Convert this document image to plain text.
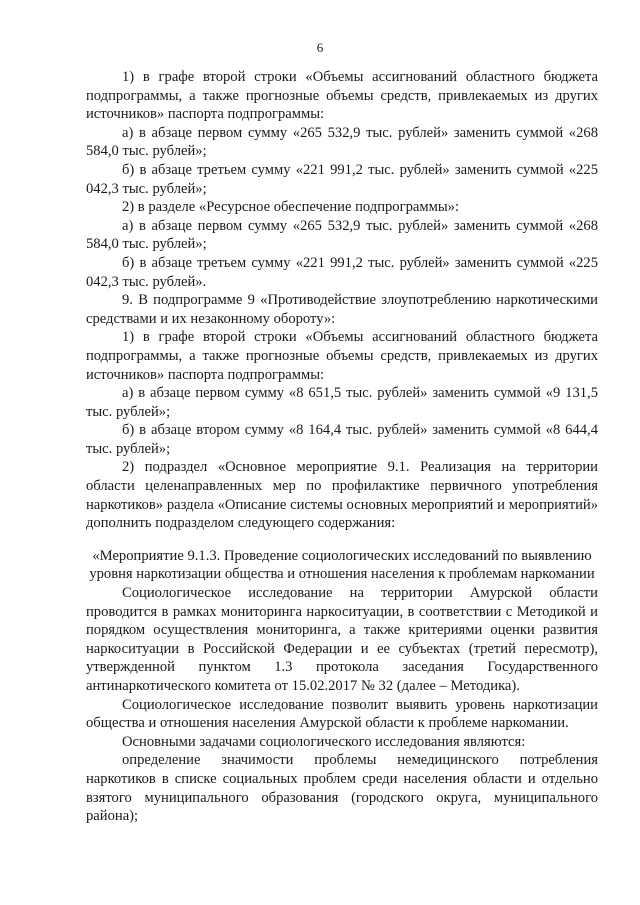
6

1) в графе второй строки «Объемы ассигнований областного бюджета подпрограммы, а также прогнозные объемы средств, привлекаемых из других источников» паспорта подпрограммы:

а) в абзаце первом сумму «265 532,9 тыс. рублей» заменить суммой «268 584,0 тыс. рублей»;

б) в абзаце третьем сумму «221 991,2 тыс. рублей» заменить суммой «225 042,3 тыс. рублей»;

2) в разделе «Ресурсное обеспечение подпрограммы»:

а) в абзаце первом сумму «265 532,9 тыс. рублей» заменить суммой «268 584,0 тыс. рублей»;

б) в абзаце третьем сумму «221 991,2 тыс. рублей» заменить суммой «225 042,3 тыс. рублей».

9. В подпрограмме 9 «Противодействие злоупотреблению наркотическими средствами и их незаконному обороту»:

1) в графе второй строки «Объемы ассигнований областного бюджета подпрограммы, а также прогнозные объемы средств, привлекаемых из других источников» паспорта подпрограммы:

а) в абзаце первом сумму «8 651,5 тыс. рублей» заменить суммой «9 131,5 тыс. рублей»;

б) в абзаце втором сумму «8 164,4 тыс. рублей» заменить суммой «8 644,4 тыс. рублей»;

2) подраздел «Основное мероприятие 9.1. Реализация на территории области целенаправленных мер по профилактике первичного употребления наркотиков» раздела «Описание системы основных мероприятий и мероприятий» дополнить подразделом следующего содержания:

«Мероприятие 9.1.3. Проведение социологических исследований по выявлению уровня наркотизации общества и отношения населения к проблемам наркомании

Социологическое исследование на территории Амурской области проводится в рамках мониторинга наркоситуации, в соответствии с Методикой и порядком осуществления мониторинга, а также критериями оценки развития наркоситуации в Российской Федерации и ее субъектах (третий пересмотр), утвержденной пунктом 1.3 протокола заседания Государственного антинаркотического комитета от 15.02.2017 № 32 (далее – Методика).

Социологическое исследование позволит выявить уровень наркотизации общества и отношения населения Амурской области к проблеме наркомании.

Основными задачами социологического исследования являются:

определение значимости проблемы немедицинского потребления наркотиков в списке социальных проблем среди населения области и отдельно взятого муниципального образования (городского округа, муниципального района);
